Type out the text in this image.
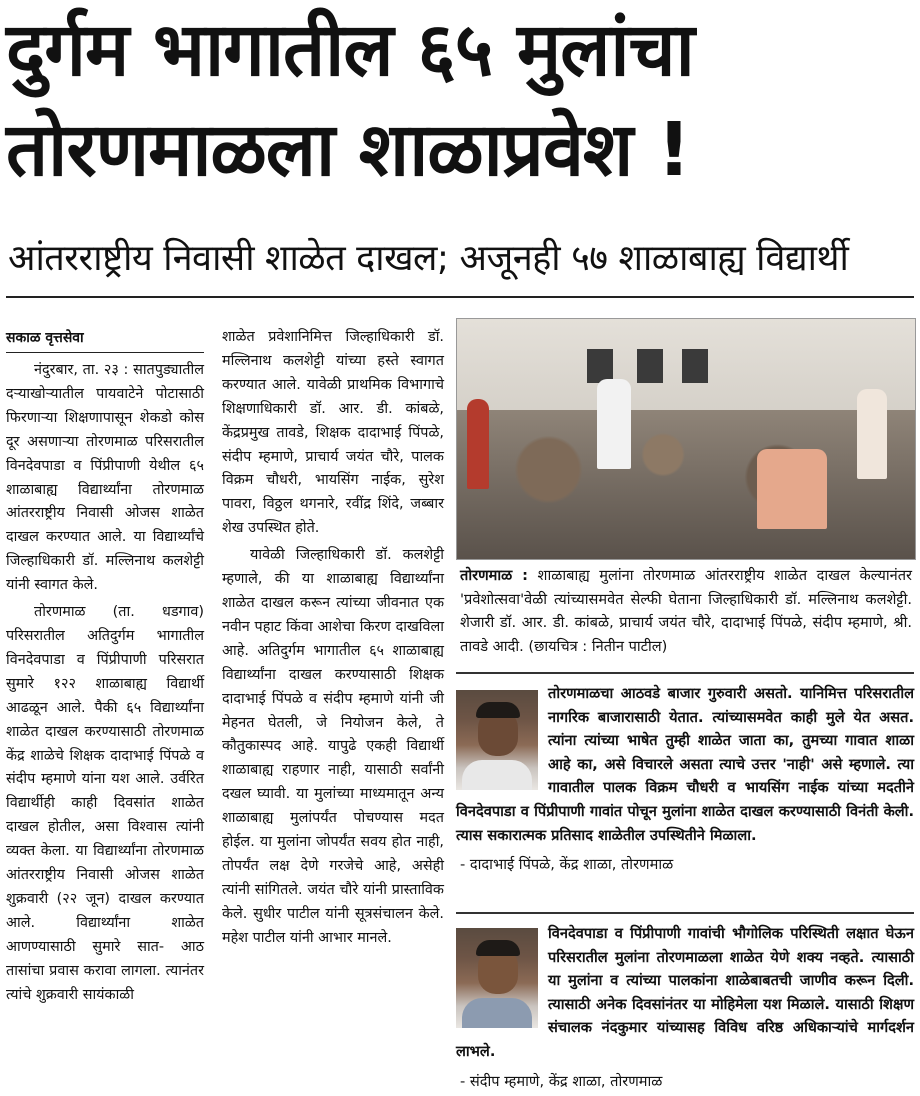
दुर्गम भागातील ६५ मुलांचा
तोरणमाळला शाळाप्रवेश !
आंतरराष्ट्रीय निवासी शाळेत दाखल; अजूनही ५७ शाळाबाह्य विद्यार्थी
सकाळ वृत्तसेवा

नंदुरबार, ता. २३ : सातपुड्यातील दऱ्याखोऱ्यातील पायवाटेने पोटासाठी फिरणाऱ्या शिक्षणापासून शेकडो कोस दूर असणाऱ्या तोरणमाळ परिसरातील विनदेवपाडा व पिंप्रीपाणी येथील ६५ शाळाबाह्य विद्यार्थ्यांना तोरणमाळ आंतरराष्ट्रीय निवासी ओजस शाळेत दाखल करण्यात आले. या विद्यार्थ्यांचे जिल्हाधिकारी डॉ. मल्लिनाथ कलशेट्टी यांनी स्वागत केले.

तोरणमाळ (ता. धडगाव) परिसरातील अतिदुर्गम भागातील विनदेवपाडा व पिंप्रीपाणी परिसरात सुमारे १२२ शाळाबाह्य विद्यार्थी आढळून आले. पैकी ६५ विद्यार्थ्यांना शाळेत दाखल करण्यासाठी तोरणमाळ केंद्र शाळेचे शिक्षक दादाभाई पिंपळे व संदीप म्हमाणे यांना यश आले. उर्वरित विद्यार्थीही काही दिवसांत शाळेत दाखल होतील, असा विश्वास त्यांनी व्यक्त केला. या विद्यार्थ्यांना तोरणमाळ आंतरराष्ट्रीय निवासी ओजस शाळेत शुक्रवारी (२२ जून) दाखल करण्यात आले. विद्यार्थ्यांना शाळेत आणण्यासाठी सुमारे सात- आठ तासांचा प्रवास करावा लागला. त्यानंतर त्यांचे शुक्रवारी सायंकाळी

शाळेत प्रवेशानिमित्त जिल्हाधिकारी डॉ. मल्लिनाथ कलशेट्टी यांच्या हस्ते स्वागत करण्यात आले. यावेळी प्राथमिक विभागाचे शिक्षणाधिकारी डॉ. आर. डी. कांबळे, केंद्रप्रमुख तावडे, शिक्षक दादाभाई पिंपळे, संदीप म्हमाणे, प्राचार्य जयंत चौरे, पालक विक्रम चौधरी, भायसिंग नाईक, सुरेश पावरा, विठ्ठल थगनारे, रवींद्र शिंदे, जब्बार शेख उपस्थित होते.

यावेळी जिल्हाधिकारी डॉ. कलशेट्टी म्हणाले, की या शाळाबाह्य विद्यार्थ्यांना शाळेत दाखल करून त्यांच्या जीवनात एक नवीन पहाट किंवा आशेचा किरण दाखविला आहे. अतिदुर्गम भागातील ६५ शाळाबाह्य विद्यार्थ्यांना दाखल करण्यासाठी शिक्षक दादाभाई पिंपळे व संदीप म्हमाणे यांनी जी मेहनत घेतली, जे नियोजन केले, ते कौतुकास्पद आहे. यापुढे एकही विद्यार्थी शाळाबाह्य राहणार नाही, यासाठी सर्वांनी दखल घ्यावी. या मुलांच्या माध्यमातून अन्य शाळाबाह्य मुलांपर्यंत पोचण्यास मदत होईल. या मुलांना जोपर्यंत सवय होत नाही, तोपर्यंत लक्ष देणे गरजेचे आहे, असेही त्यांनी सांगितले. जयंत चौरे यांनी प्रास्ताविक केले. सुधीर पाटील यांनी सूत्रसंचालन केले. महेश पाटील यांनी आभार मानले.

तोरणमाळ : शाळाबाह्य मुलांना तोरणमाळ आंतरराष्ट्रीय शाळेत दाखल केल्यानंतर 'प्रवेशोत्सवा'वेळी त्यांच्यासमवेत सेल्फी घेताना जिल्हाधिकारी डॉ. मल्लिनाथ कलशेट्टी. शेजारी डॉ. आर. डी. कांबळे, प्राचार्य जयंत चौरे, दादाभाई पिंपळे, संदीप म्हमाणे, श्री. तावडे आदी. (छायचित्र : नितीन पाटील)
तोरणमाळचा आठवडे बाजार गुरुवारी असतो. यानिमित्त परिसरातील नागरिक बाजारासाठी येतात. त्यांच्यासमवेत काही मुले येत असत. त्यांना त्यांच्या भाषेत तुम्ही शाळेत जाता का, तुमच्या गावात शाळा आहे का, असे विचारले असता त्याचे उत्तर 'नाही' असे म्हणाले. त्या गावातील पालक विक्रम चौधरी व भायसिंग नाईक यांच्या मदतीने विनदेवपाडा व पिंप्रीपाणी गावांत पोचून मुलांना शाळेत दाखल करण्यासाठी विनंती केली. त्यास सकारात्मक प्रतिसाद शाळेतील उपस्थितीने मिळाला.
- दादाभाई पिंपळे, केंद्र शाळा, तोरणमाळ
विनदेवपाडा व पिंप्रीपाणी गावांची भौगोलिक परिस्थिती लक्षात घेऊन परिसरातील मुलांना तोरणमाळला शाळेत येणे शक्य नव्हते. त्यासाठी या मुलांना व त्यांच्या पालकांना शाळेबाबतची जाणीव करून दिली. त्यासाठी अनेक दिवसांनंतर या मोहिमेला यश मिळाले. यासाठी शिक्षण संचालक नंदकुमार यांच्यासह विविध वरिष्ठ अधिकाऱ्यांचे मार्गदर्शन लाभले.
- संदीप म्हमाणे, केंद्र शाळा, तोरणमाळ
